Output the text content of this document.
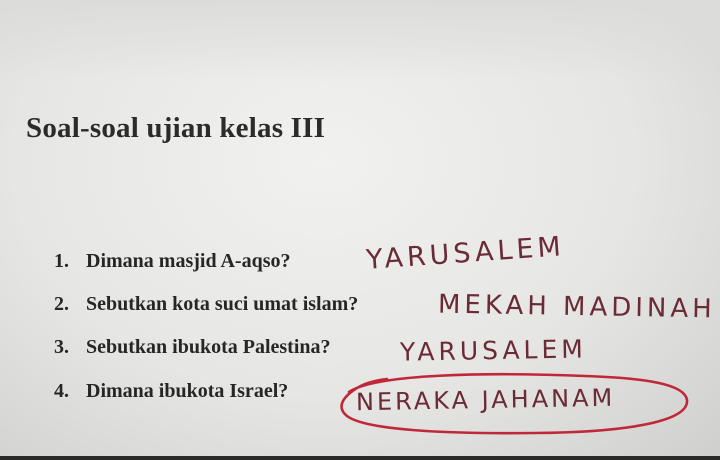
Soal-soal ujian kelas III
1. Dimana masjid A-aqso?	YARUSALEM
2. Sebutkan kota suci umat islam?	MEKAH MADINAH
3. Sebutkan ibukota Palestina?	YARUSALEM
4. Dimana ibukota Israel?	NERAKA JAHANAM
